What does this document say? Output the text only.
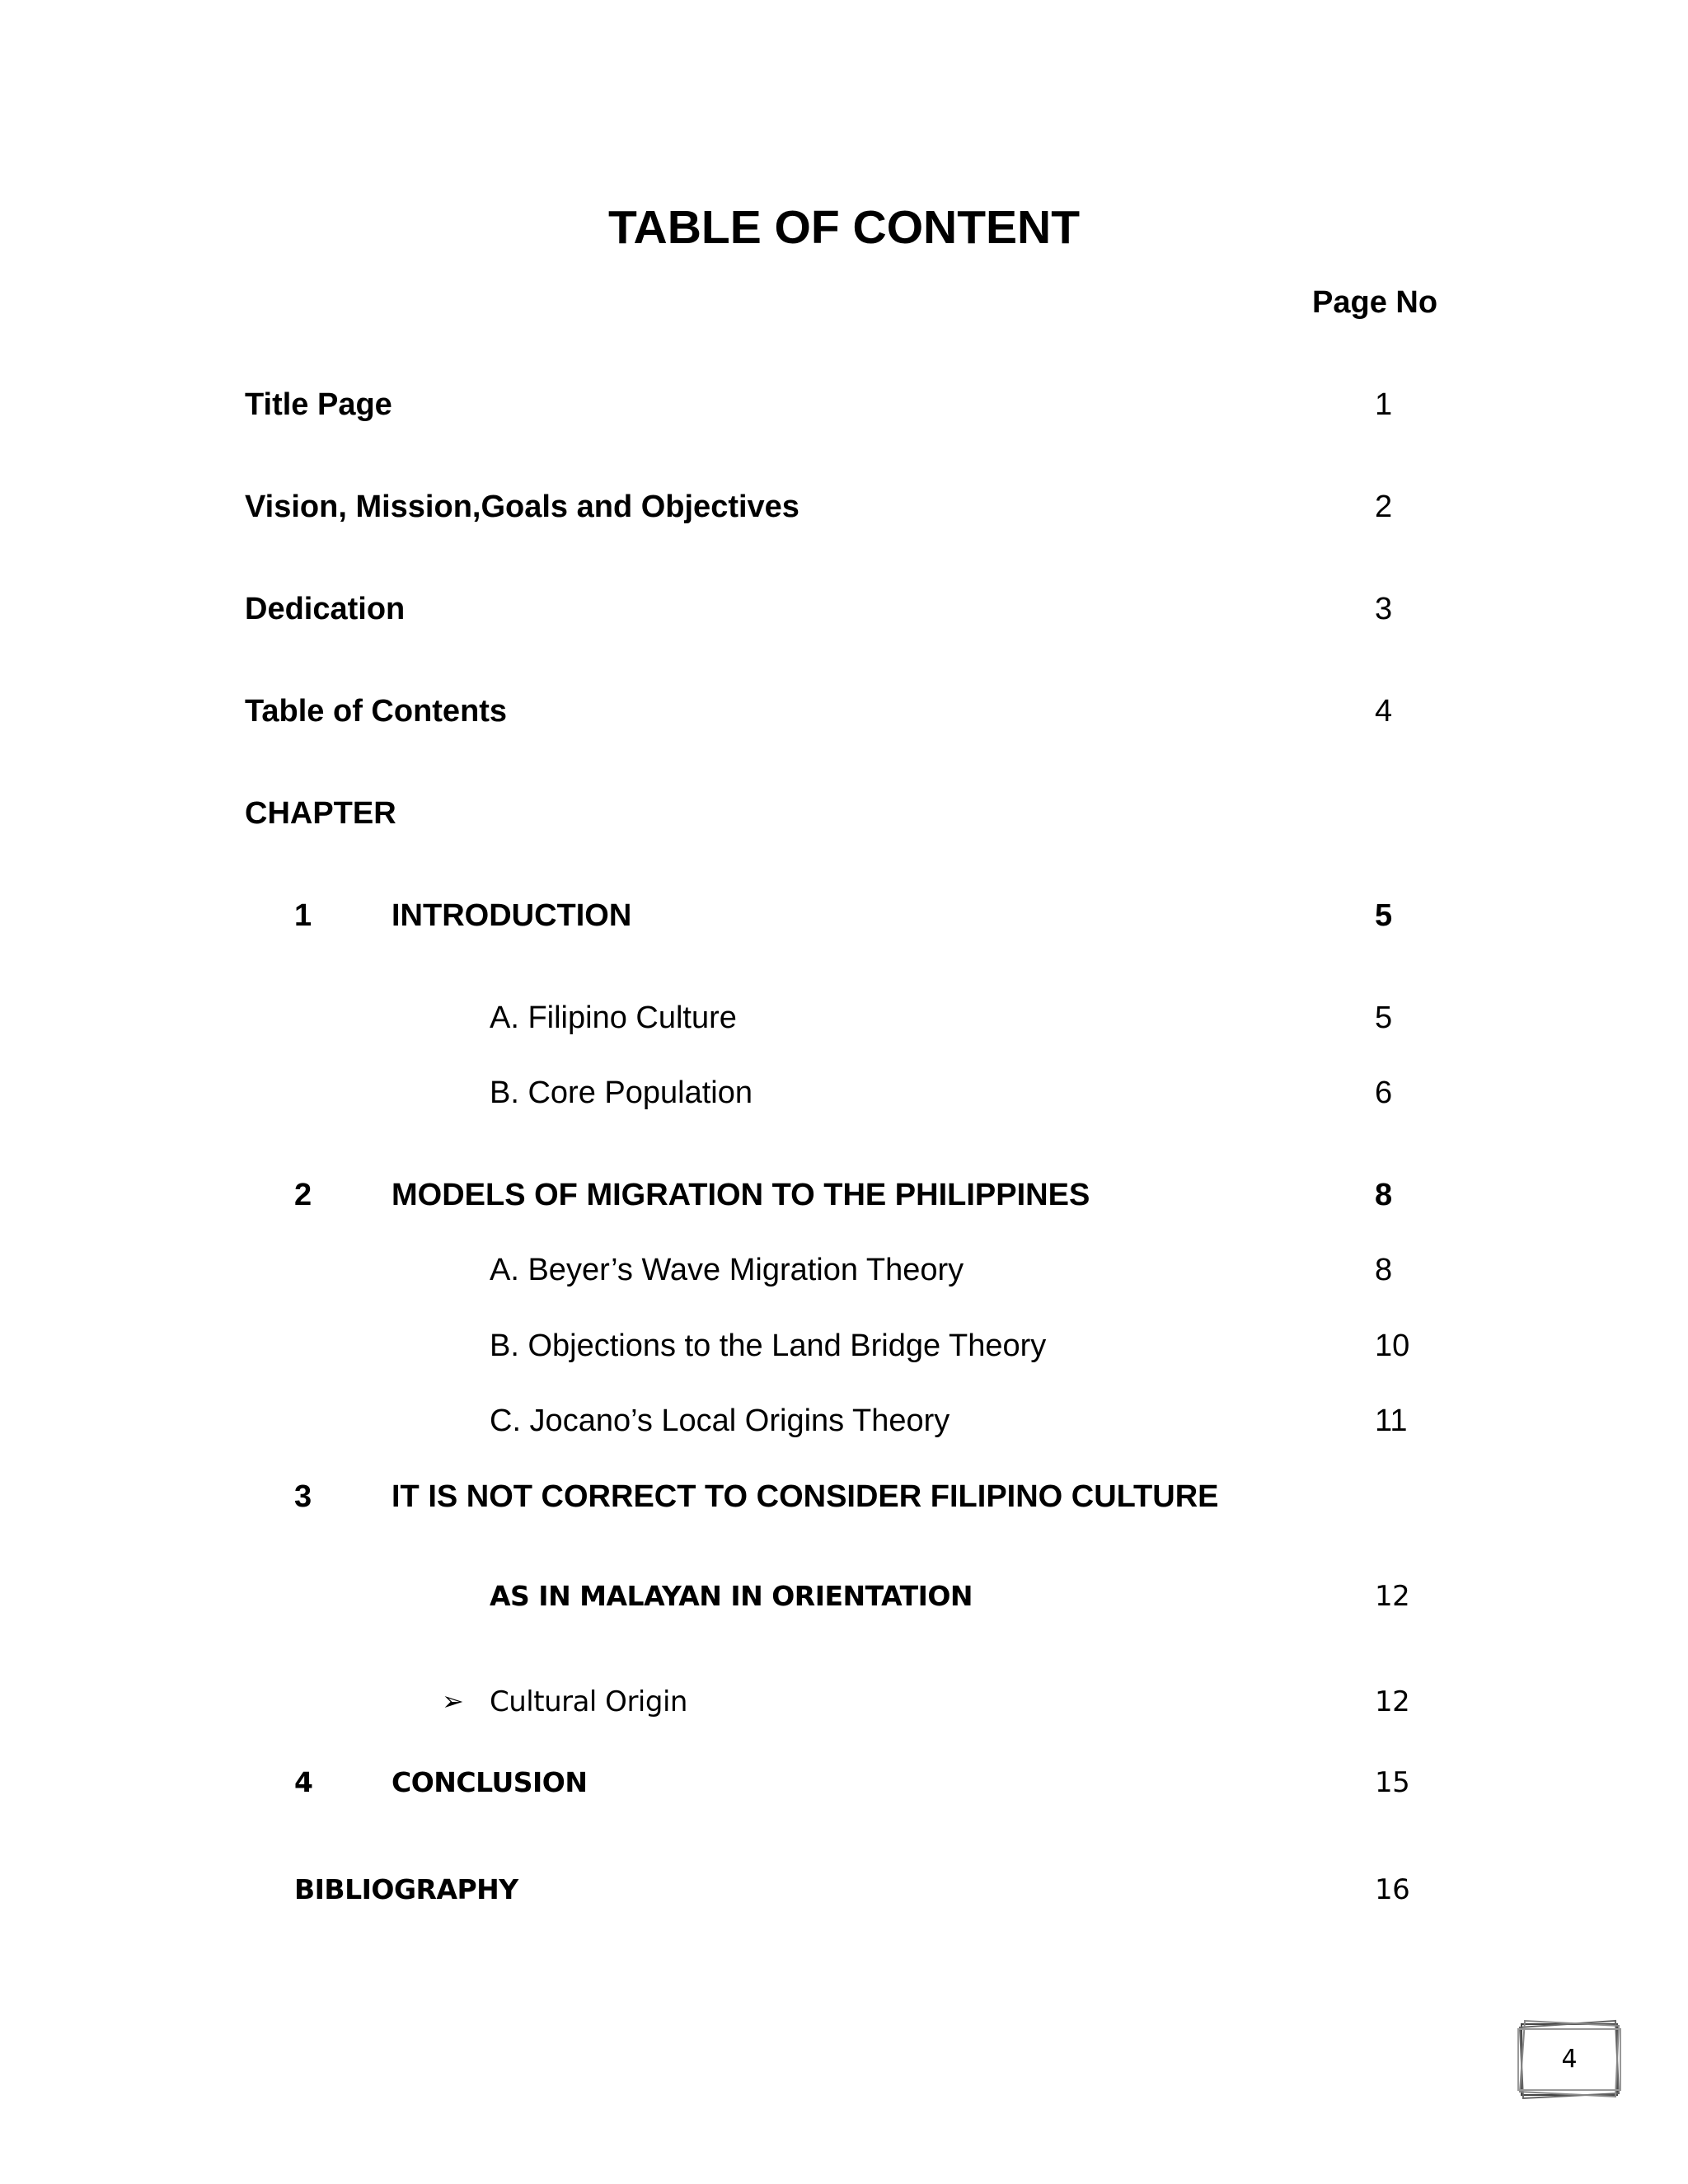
TABLE OF CONTENT
Page No
Title Page	1
Vision, Mission,Goals and Objectives	2
Dedication	3
Table of Contents	4
CHAPTER
1	INTRODUCTION	5
A. Filipino Culture	5
B. Core Population	6
2	MODELS OF MIGRATION TO THE PHILIPPINES	8
A. Beyer’s Wave Migration Theory	8
B. Objections to the Land Bridge Theory	10
C. Jocano’s Local Origins Theory	11
3	IT IS NOT CORRECT TO CONSIDER FILIPINO CULTURE
AS IN MALAYAN IN ORIENTATION	12
➢ Cultural Origin	12
4	CONCLUSION	15
BIBLIOGRAPHY	16
4
